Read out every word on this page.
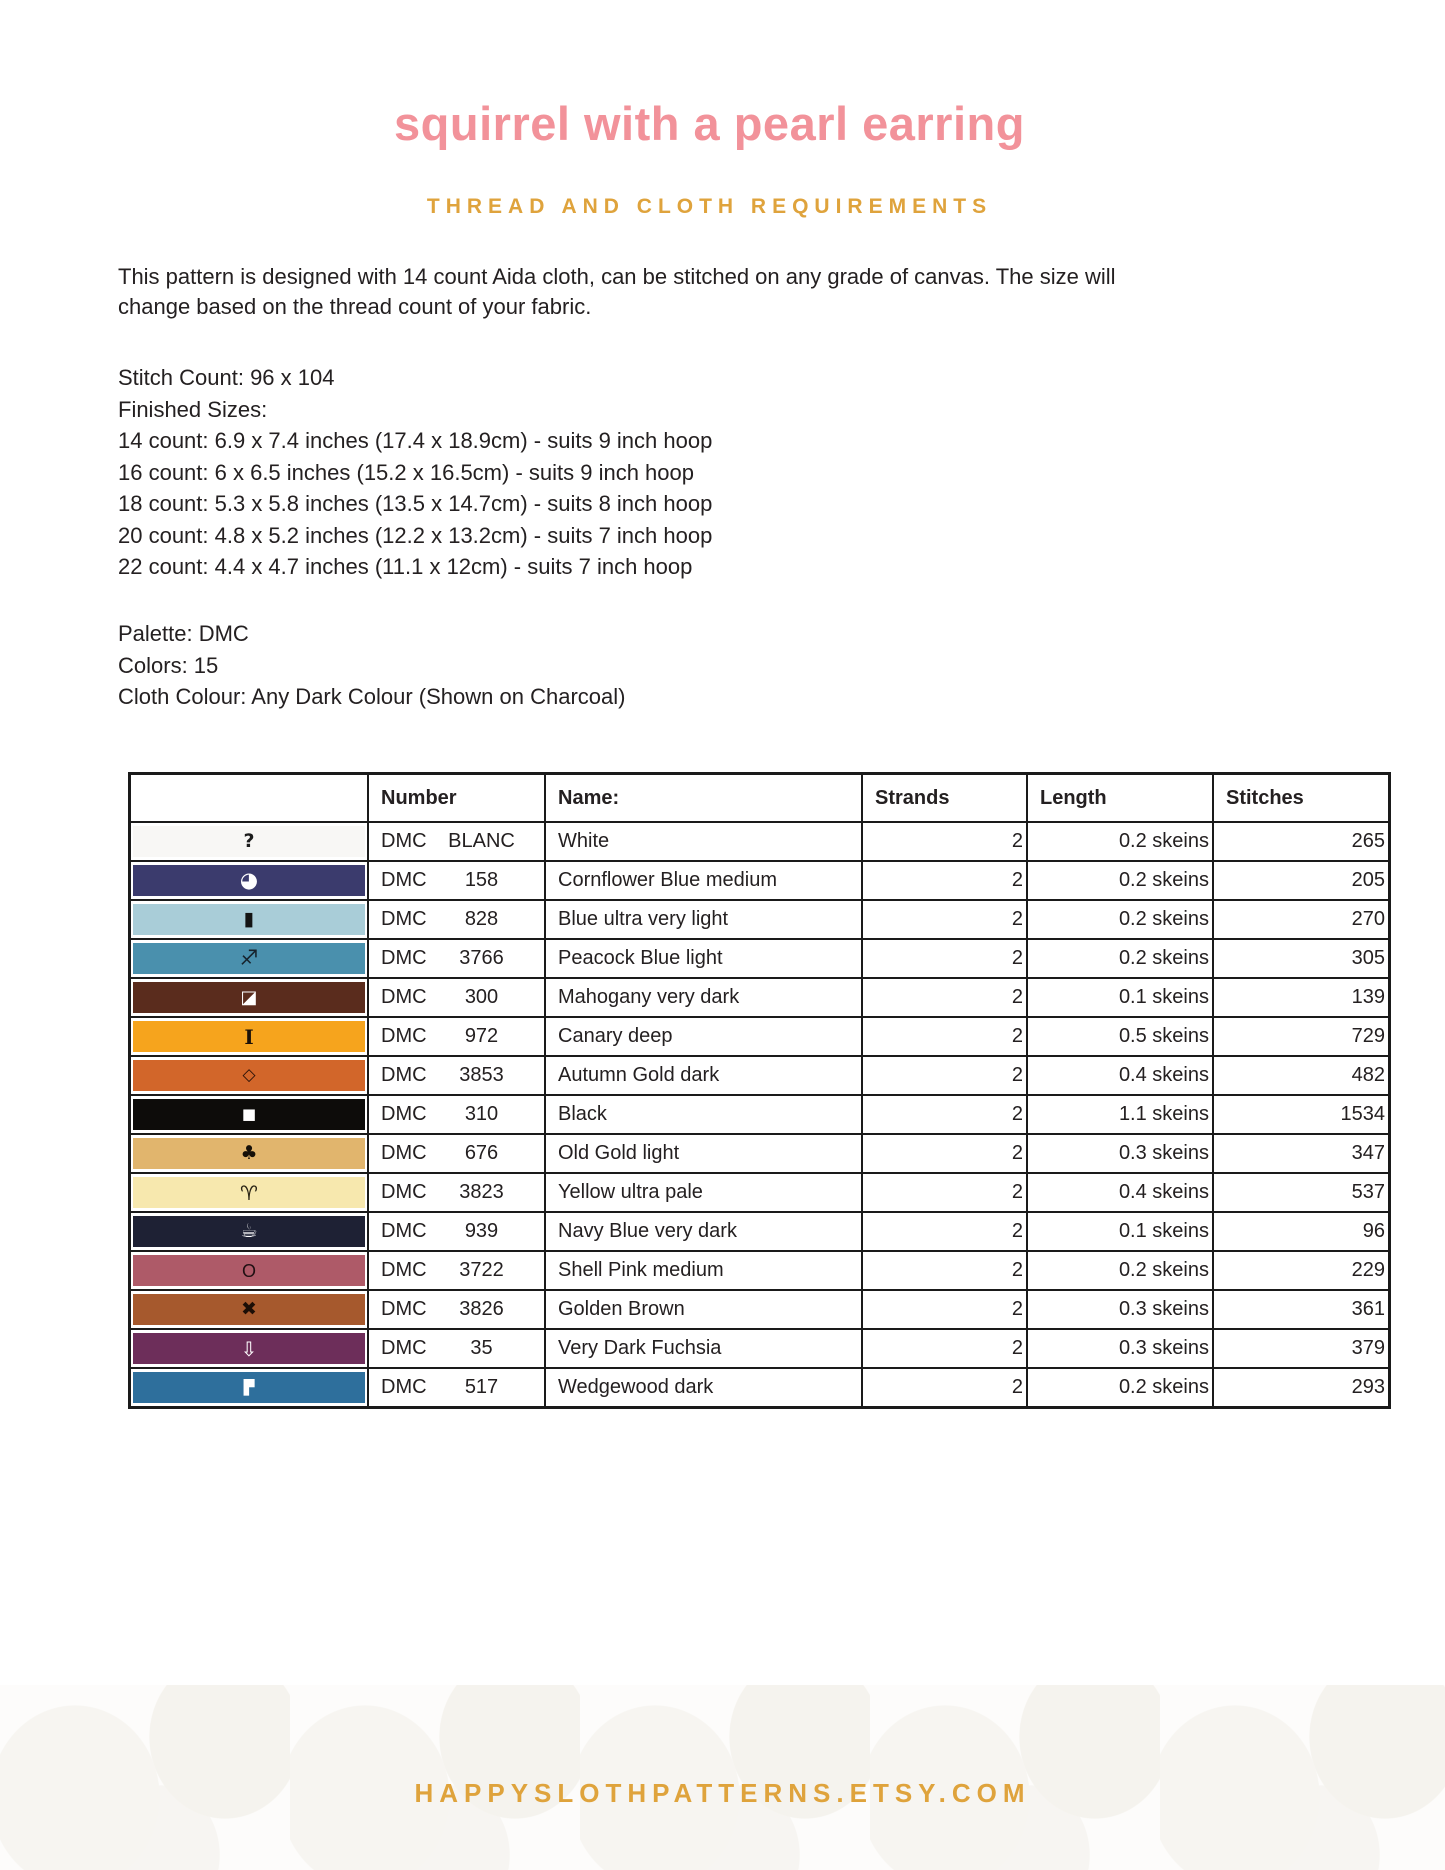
squirrel with a pearl earring
THREAD AND CLOTH REQUIREMENTS
This pattern is designed with 14 count Aida cloth, can be stitched on any grade of canvas. The size will
change based on the thread count of your fabric.
Stitch Count: 96 x 104
Finished Sizes:
14 count: 6.9 x 7.4 inches (17.4 x 18.9cm) - suits 9 inch hoop
16 count: 6 x 6.5 inches (15.2 x 16.5cm) - suits 9 inch hoop
18 count: 5.3 x 5.8 inches (13.5 x 14.7cm) - suits 8 inch hoop
20 count: 4.8 x 5.2 inches (12.2 x 13.2cm) - suits 7 inch hoop
22 count: 4.4 x 4.7 inches (11.1 x 12cm) - suits 7 inch hoop
Palette: DMC
Colors: 15
Cloth Colour: Any Dark Colour (Shown on Charcoal)
	Number	Name:	Strands	Length	Stitches

?	DMC BLANC	White	2	0.2 skeins	265

◕	DMC 158	Cornflower Blue medium	2	0.2 skeins	205

▮	DMC 828	Blue ultra very light	2	0.2 skeins	270

♐	DMC 3766	Peacock Blue light	2	0.2 skeins	305

◪	DMC 300	Mahogany very dark	2	0.1 skeins	139

I	DMC 972	Canary deep	2	0.5 skeins	729

◇	DMC 3853	Autumn Gold dark	2	0.4 skeins	482

■	DMC 310	Black	2	1.1 skeins	1534

♣	DMC 676	Old Gold light	2	0.3 skeins	347

♈	DMC 3823	Yellow ultra pale	2	0.4 skeins	537

☕	DMC 939	Navy Blue very dark	2	0.1 skeins	96

O	DMC 3722	Shell Pink medium	2	0.2 skeins	229

✖	DMC 3826	Golden Brown	2	0.3 skeins	361

⇩	DMC 35	Very Dark Fuchsia	2	0.3 skeins	379

▛	DMC 517	Wedgewood dark	2	0.2 skeins	293
HAPPYSLOTHPATTERNS.ETSY.COM
